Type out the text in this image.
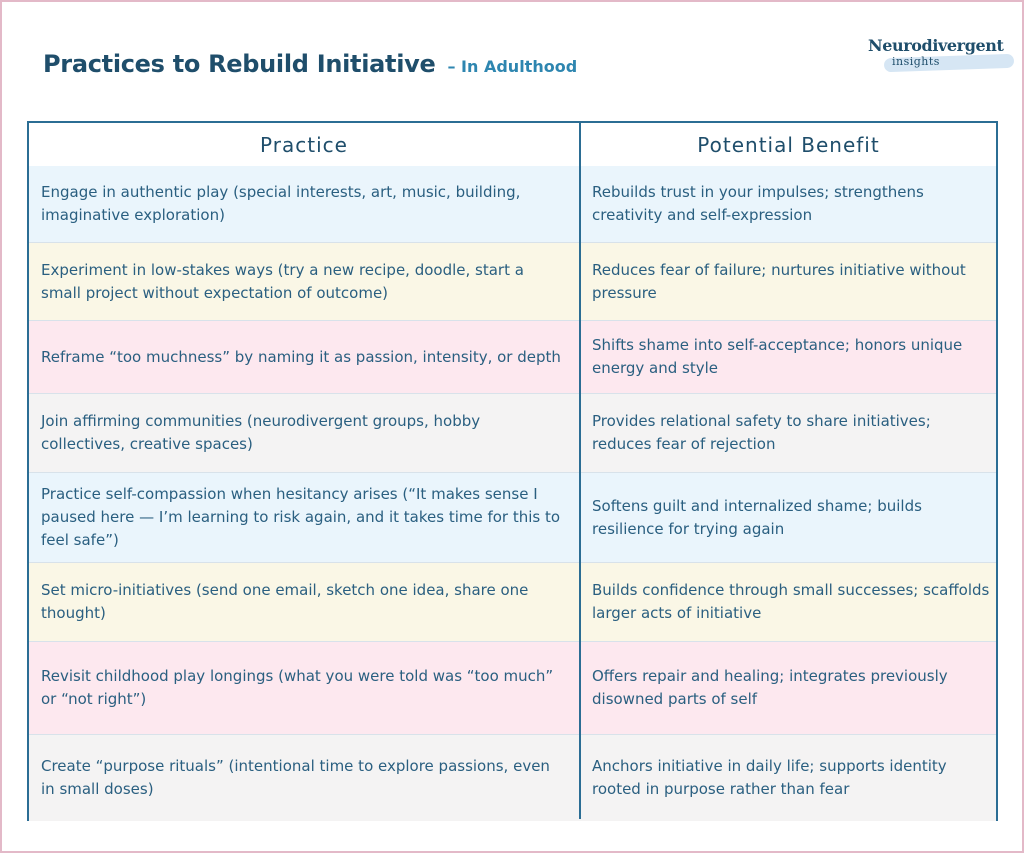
Practices to Rebuild Initiative – In Adulthood
Neurodivergent
insights
Practice	Potential Benefit
Engage in authentic play (special interests, art, music, building, imaginative exploration)
Rebuilds trust in your impulses; strengthens creativity and self-expression
Experiment in low-stakes ways (try a new recipe, doodle, start a small project without expectation of outcome)
Reduces fear of failure; nurtures initiative without pressure
Reframe “too muchness” by naming it as passion, intensity, or depth
Shifts shame into self-acceptance; honors unique energy and style
Join affirming communities (neurodivergent groups, hobby collectives, creative spaces)
Provides relational safety to share initiatives; reduces fear of rejection
Practice self-compassion when hesitancy arises (“It makes sense I paused here — I’m learning to risk again, and it takes time for this to feel safe”)
Softens guilt and internalized shame; builds resilience for trying again
Set micro-initiatives (send one email, sketch one idea, share one thought)
Builds confidence through small successes; scaffolds larger acts of initiative
Revisit childhood play longings (what you were told was “too much” or “not right”)
Offers repair and healing; integrates previously disowned parts of self
Create “purpose rituals” (intentional time to explore passions, even in small doses)
Anchors initiative in daily life; supports identity rooted in purpose rather than fear
